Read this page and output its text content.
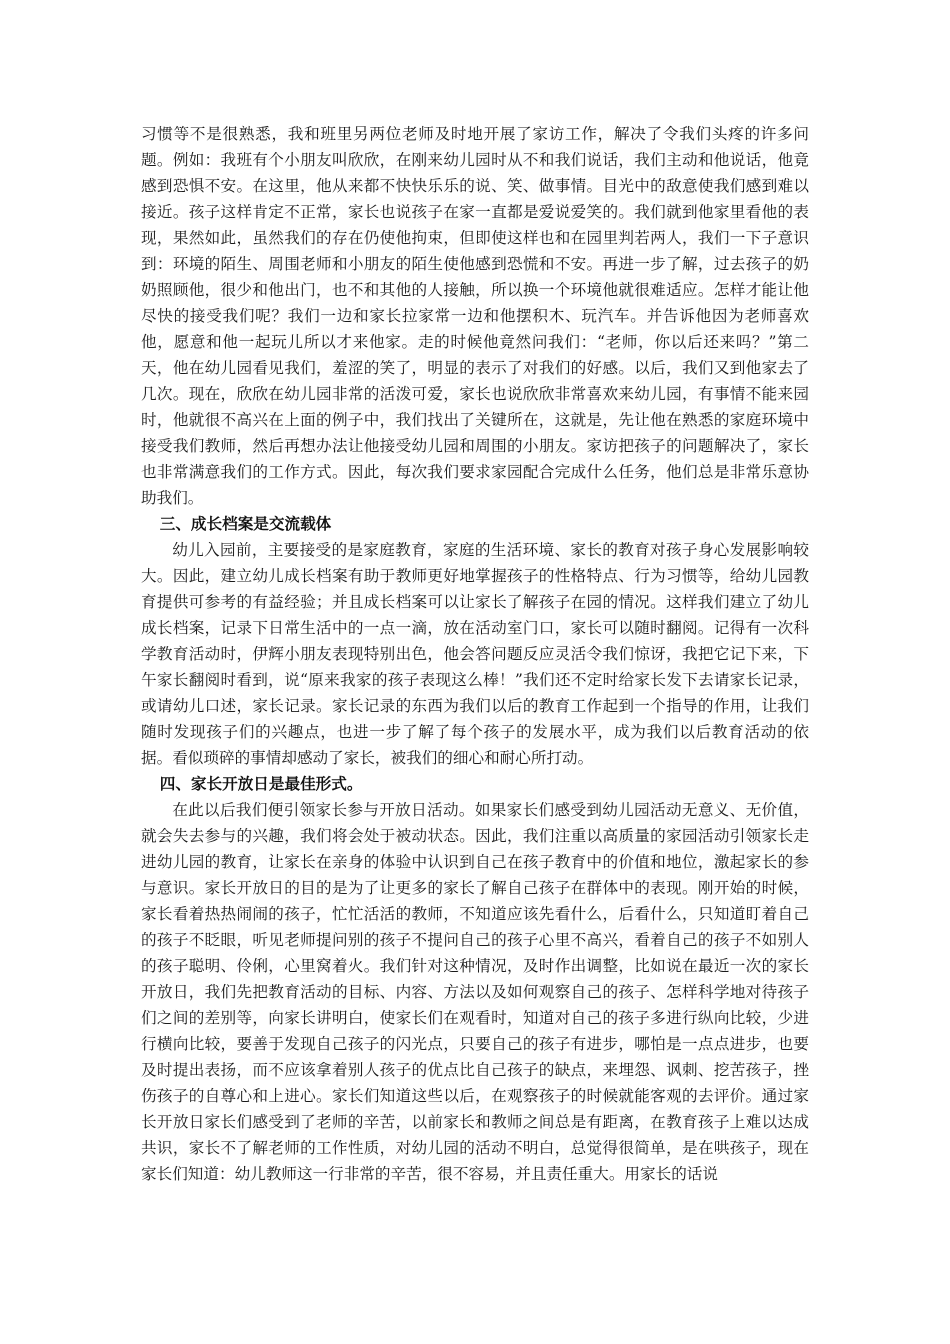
习惯等不是很熟悉，我和班里另两位老师及时地开展了家访工作，解决了令我们头疼的许多问题。例如：我班有个小朋友叫欣欣，在刚来幼儿园时从不和我们说话，我们主动和他说话，他竟感到恐惧不安。在这里，他从来都不快快乐乐的说、笑、做事情。目光中的敌意使我们感到难以接近。孩子这样肯定不正常，家长也说孩子在家一直都是爱说爱笑的。我们就到他家里看他的表现，果然如此，虽然我们的存在仍使他拘束，但即使这样也和在园里判若两人，我们一下子意识到：环境的陌生、周围老师和小朋友的陌生使他感到恐慌和不安。再进一步了解，过去孩子的奶奶照顾他，很少和他出门，也不和其他的人接触，所以换一个环境他就很难适应。怎样才能让他尽快的接受我们呢？我们一边和家长拉家常一边和他摆积木、玩汽车。并告诉他因为老师喜欢他，愿意和他一起玩儿所以才来他家。走的时候他竟然问我们：“老师，你以后还来吗？”第二天，他在幼儿园看见我们，羞涩的笑了，明显的表示了对我们的好感。以后，我们又到他家去了几次。现在，欣欣在幼儿园非常的活泼可爱，家长也说欣欣非常喜欢来幼儿园，有事情不能来园时，他就很不高兴在上面的例子中，我们找出了关键所在，这就是，先让他在熟悉的家庭环境中接受我们教师，然后再想办法让他接受幼儿园和周围的小朋友。家访把孩子的问题解决了，家长也非常满意我们的工作方式。因此，每次我们要求家园配合完成什么任务，他们总是非常乐意协助我们。

三、成长档案是交流载体

幼儿入园前，主要接受的是家庭教育，家庭的生活环境、家长的教育对孩子身心发展影响较大。因此，建立幼儿成长档案有助于教师更好地掌握孩子的性格特点、行为习惯等，给幼儿园教育提供可参考的有益经验；并且成长档案可以让家长了解孩子在园的情况。这样我们建立了幼儿成长档案，记录下日常生活中的一点一滴，放在活动室门口，家长可以随时翻阅。记得有一次科学教育活动时，伊辉小朋友表现特别出色，他会答问题反应灵活令我们惊讶，我把它记下来，下午家长翻阅时看到，说“原来我家的孩子表现这么棒！”我们还不定时给家长发下去请家长记录，或请幼儿口述，家长记录。家长记录的东西为我们以后的教育工作起到一个指导的作用，让我们随时发现孩子们的兴趣点，也进一步了解了每个孩子的发展水平，成为我们以后教育活动的依据。看似琐碎的事情却感动了家长，被我们的细心和耐心所打动。

四、家长开放日是最佳形式。

在此以后我们便引领家长参与开放日活动。如果家长们感受到幼儿园活动无意义、无价值，就会失去参与的兴趣，我们将会处于被动状态。因此，我们注重以高质量的家园活动引领家长走进幼儿园的教育，让家长在亲身的体验中认识到自己在孩子教育中的价值和地位，激起家长的参与意识。家长开放日的目的是为了让更多的家长了解自己孩子在群体中的表现。刚开始的时候，家长看着热热闹闹的孩子，忙忙活活的教师，不知道应该先看什么，后看什么，只知道盯着自己的孩子不眨眼，听见老师提问别的孩子不提问自己的孩子心里不高兴，看着自己的孩子不如别人的孩子聪明、伶俐，心里窝着火。我们针对这种情况，及时作出调整，比如说在最近一次的家长开放日，我们先把教育活动的目标、内容、方法以及如何观察自己的孩子、怎样科学地对待孩子们之间的差别等，向家长讲明白，使家长们在观看时，知道对自己的孩子多进行纵向比较，少进行横向比较，要善于发现自己孩子的闪光点，只要自己的孩子有进步，哪怕是一点点进步，也要及时提出表扬，而不应该拿着别人孩子的优点比自己孩子的缺点，来埋怨、讽刺、挖苦孩子，挫伤孩子的自尊心和上进心。家长们知道这些以后，在观察孩子的时候就能客观的去评价。通过家长开放日家长们感受到了老师的辛苦，以前家长和教师之间总是有距离，在教育孩子上难以达成共识，家长不了解老师的工作性质，对幼儿园的活动不明白，总觉得很简单，是在哄孩子，现在家长们知道：幼儿教师这一行非常的辛苦，很不容易，并且责任重大。用家长的话说
